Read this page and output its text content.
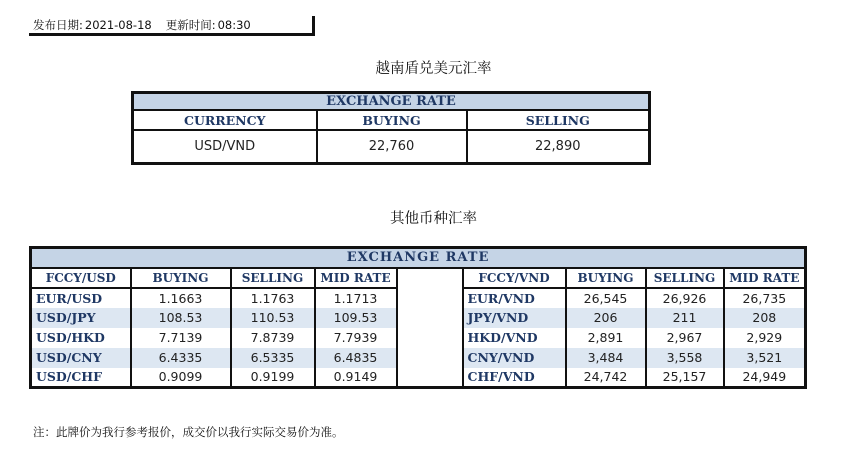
发布日期: 2021-08-18 更新时间: 08:30
越南盾兑美元汇率
EXCHANGE RATE		
CURRENCY	BUYING	SELLING
USD/VND	22,760	22,890
其他币种汇率
EXCHANGE RATE								
FCCY/USD	BUYING	SELLING	MID RATE		FCCY/VND	BUYING	SELLING	MID RATE
EUR/USD	1.1663	1.1763	1.1713		EUR/VND	26,545	26,926	26,735
USD/JPY	108.53	110.53	109.53		JPY/VND	206	211	208
USD/HKD	7.7139	7.8739	7.7939		HKD/VND	2,891	2,967	2,929
USD/CNY	6.4335	6.5335	6.4835		CNY/VND	3,484	3,558	3,521
USD/CHF	0.9099	0.9199	0.9149		CHF/VND	24,742	25,157	24,949
注：此牌价为我行参考报价，成交价以我行实际交易价为准。
